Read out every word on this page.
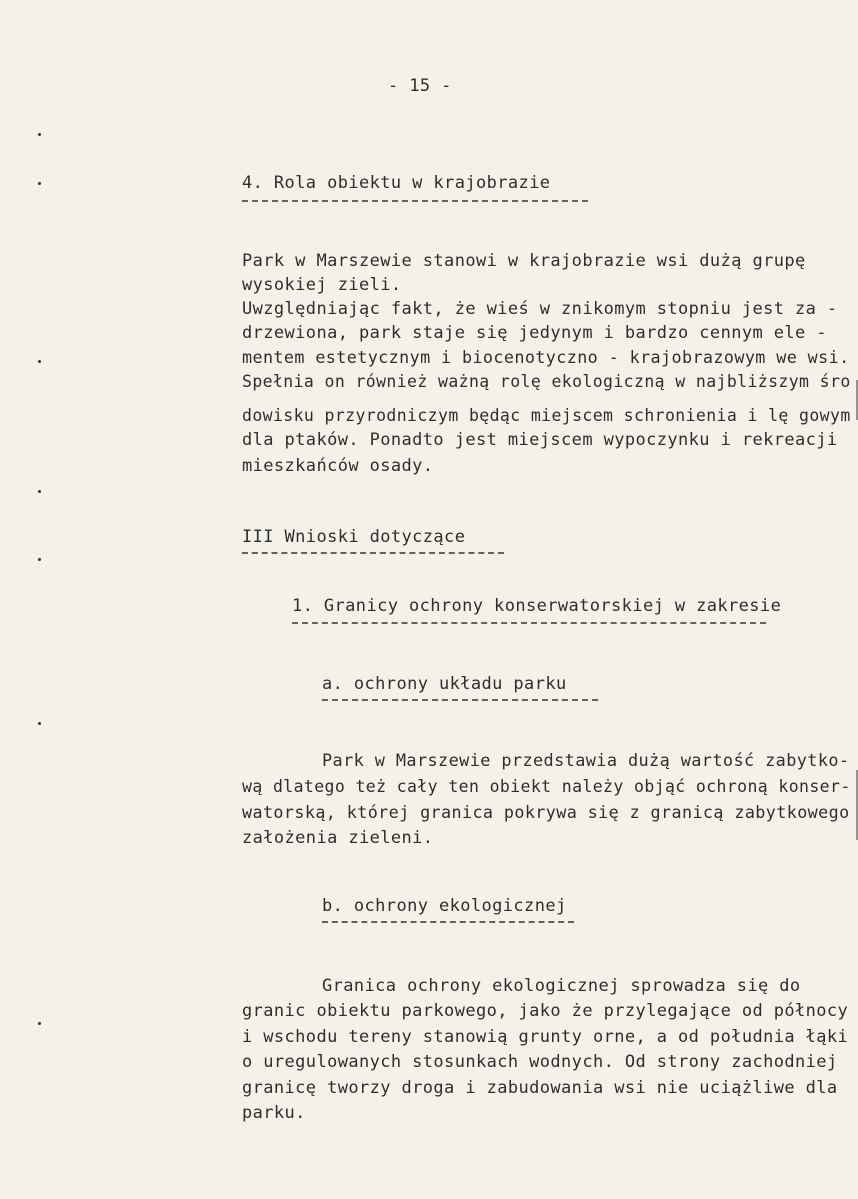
- 15 -
4. Rola obiektu w krajobrazie
Park w Marszewie stanowi w krajobrazie wsi dużą grupę
wysokiej zieli.
Uwzględniając fakt, że wieś w znikomym stopniu jest za -
drzewiona, park staje się jedynym i bardzo cennym ele -
mentem estetycznym i biocenotyczno - krajobrazowym we wsi.
Spełnia on również ważną rolę ekologiczną w najbliższym śro
dowisku przyrodniczym będąc miejscem schronienia i lę gowym
dla ptaków. Ponadto jest miejscem wypoczynku i rekreacji
mieszkańców osady.
III Wnioski dotyczące
1. Granicy ochrony konserwatorskiej w zakresie
a. ochrony układu parku
Park w Marszewie przedstawia dużą wartość zabytko-
wą dlatego też cały ten obiekt należy objąć ochroną konser-
watorską, której granica pokrywa się z granicą zabytkowego
założenia zieleni.
b. ochrony ekologicznej
Granica ochrony ekologicznej sprowadza się do
granic obiektu parkowego, jako że przylegające od północy
i wschodu tereny stanowią grunty orne, a od południa łąki
o uregulowanych stosunkach wodnych. Od strony zachodniej
granicę tworzy droga i zabudowania wsi nie uciążliwe dla
parku.
